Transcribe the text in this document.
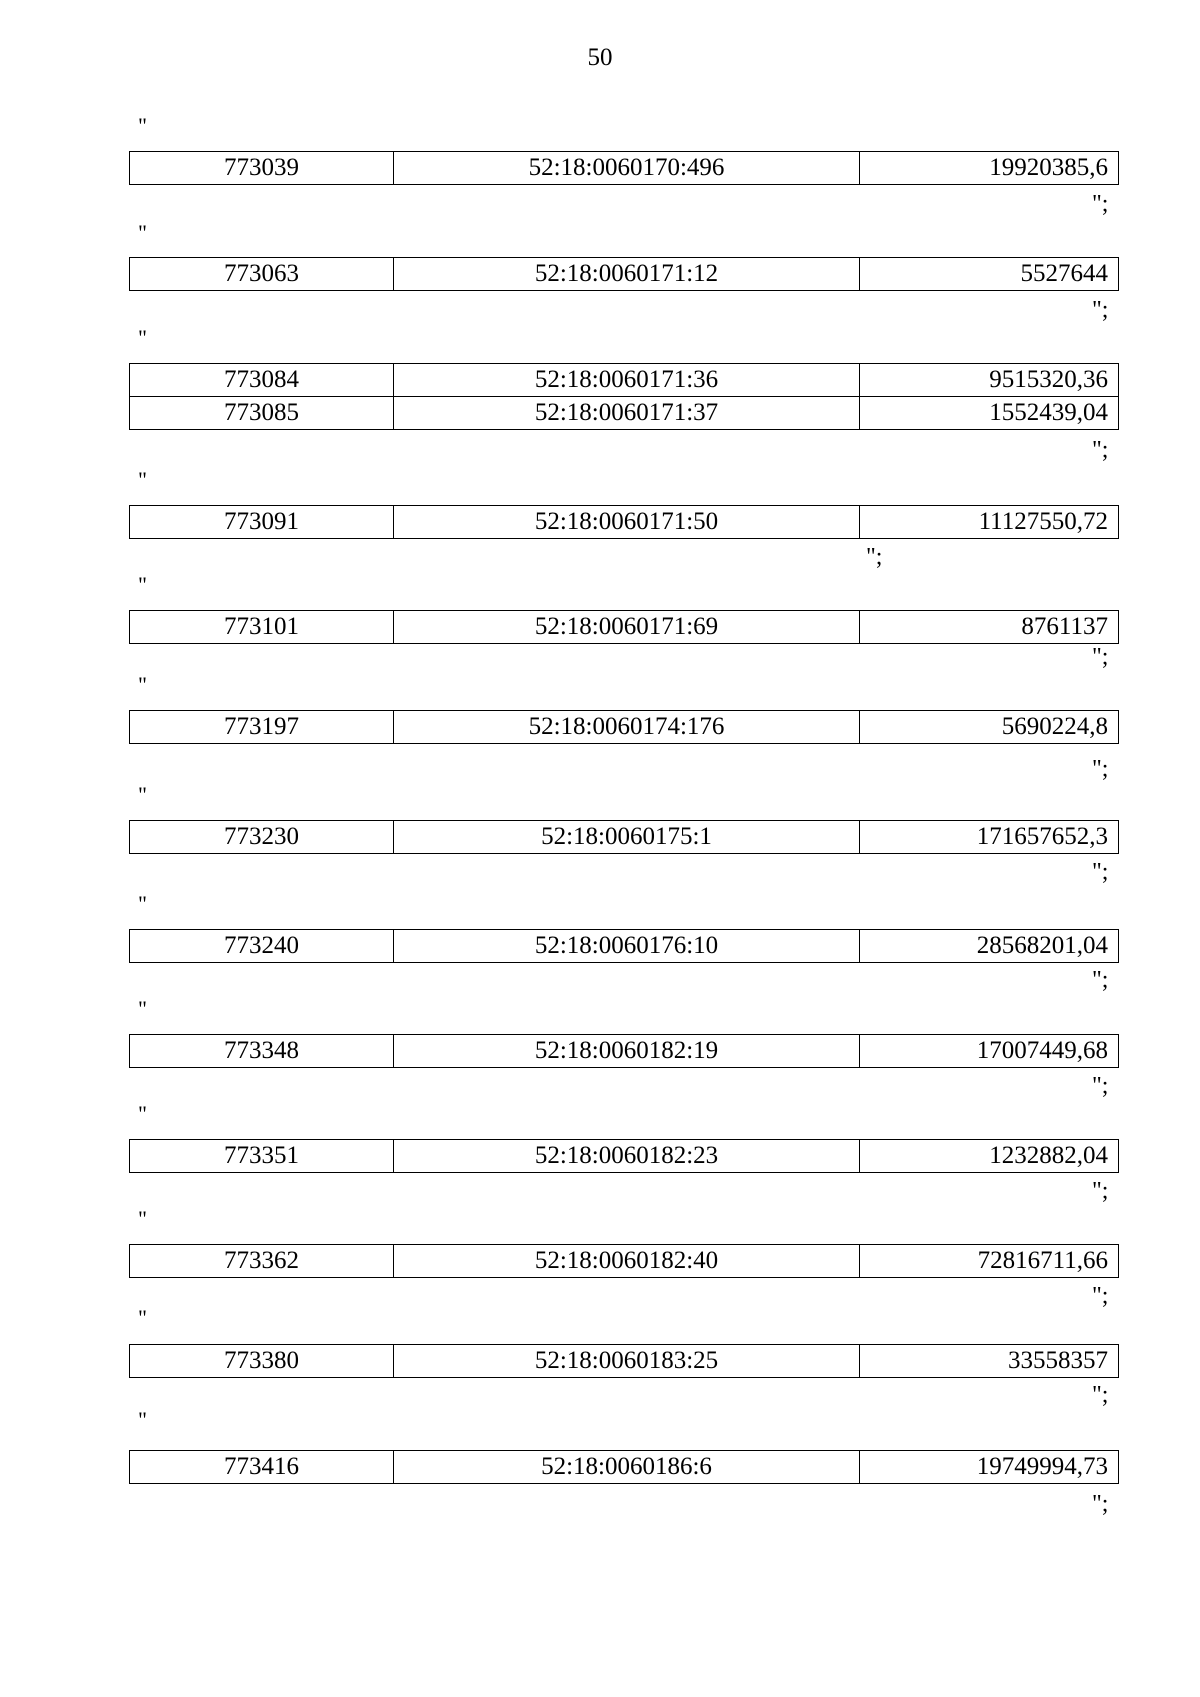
50
"
773039	52:18:0060170:496	19920385,6
";
"
773063	52:18:0060171:12	5527644
";
"
773084	52:18:0060171:36	9515320,36
773085	52:18:0060171:37	1552439,04
";
"
773091	52:18:0060171:50	11127550,72
";
"
773101	52:18:0060171:69	8761137
";
"
773197	52:18:0060174:176	5690224,8
";
"
773230	52:18:0060175:1	171657652,3
";
"
773240	52:18:0060176:10	28568201,04
";
"
773348	52:18:0060182:19	17007449,68
";
"
773351	52:18:0060182:23	1232882,04
";
"
773362	52:18:0060182:40	72816711,66
";
"
773380	52:18:0060183:25	33558357
";
"
773416	52:18:0060186:6	19749994,73
";
